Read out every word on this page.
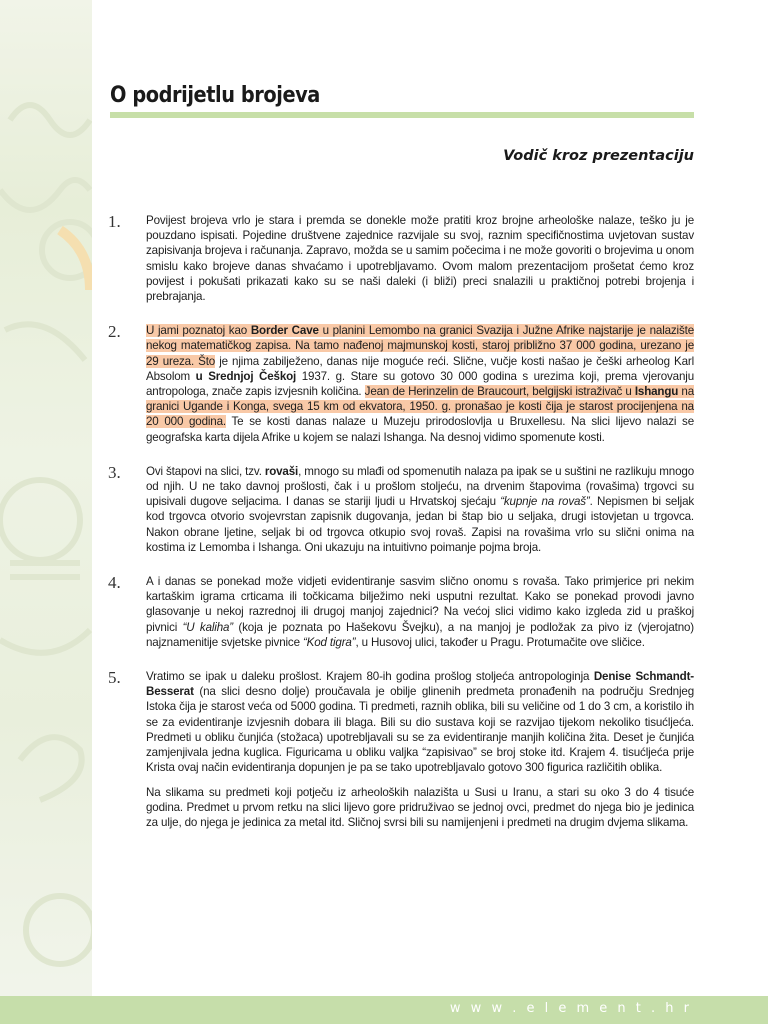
O podrijetlu brojeva
Vodič kroz prezentaciju
1. Povijest brojeva vrlo je stara i premda se donekle može pratiti kroz brojne arheološke nalaze, teško ju je pouzdano ispisati. Pojedine društvene zajednice razvijale su svoj, raznim specifičnostima uvjetovan sustav zapisivanja brojeva i računanja. Zapravo, možda se u samim počecima i ne može govoriti o brojevima u onom smislu kako brojeve danas shvaćamo i upotrebljavamo. Ovom malom prezentacijom prošetat ćemo kroz povijest i pokušati prikazati kako su se naši daleki (i bliži) preci snalazili u praktičnoj potrebi brojenja i prebrajanja.

2. U jami poznatoj kao Border Cave u planini Lemombo na granici Svazija i Južne Afrike najstarije je nalazište nekog matematičkog zapisa. Na tamo nađenoj majmunskoj kosti, staroj približno 37 000 godina, urezano je 29 ureza. Što je njima zabilježeno, danas nije moguće reći. Slične, vučje kosti našao je češki arheolog Karl Absolom u Srednjoj Češkoj 1937. g. Stare su gotovo 30 000 godina s urezima koji, prema vjerovanju antropologa, znače zapis izvjesnih količina. Jean de Herinzelin de Braucourt, belgijski istraživač u Ishangu na granici Ugande i Konga, svega 15 km od ekvatora, 1950. g. pronašao je kosti čija je starost procijenjena na 20 000 godina. Te se kosti danas nalaze u Muzeju prirodoslovlja u Bruxellesu. Na slici lijevo nalazi se geografska karta dijela Afrike u kojem se nalazi Ishanga. Na desnoj vidimo spomenute kosti.

3. Ovi štapovi na slici, tzv. rovaši, mnogo su mlađi od spomenutih nalaza pa ipak se u suštini ne razlikuju mnogo od njih. U ne tako davnoj prošlosti, čak i u prošlom stoljeću, na drvenim štapovima (rovašima) trgovci su upisivali dugove seljacima. I danas se stariji ljudi u Hrvatskoj sjećaju “kupnje na rovaš”. Nepismen bi seljak kod trgovca otvorio svojevrstan zapisnik dugovanja, jedan bi štap bio u seljaka, drugi istovjetan u trgovca. Nakon obrane ljetine, seljak bi od trgovca otkupio svoj rovaš. Zapisi na rovašima vrlo su slični onima na kostima iz Lemomba i Ishanga. Oni ukazuju na intuitivno poimanje pojma broja.

4. A i danas se ponekad može vidjeti evidentiranje sasvim slično onomu s rovaša. Tako primjerice pri nekim kartaškim igrama crticama ili točkicama bilježimo neki usputni rezultat. Kako se ponekad provodi javno glasovanje u nekoj razrednoj ili drugoj manjoj zajednici? Na većoj slici vidimo kako izgleda zid u praškoj pivnici “U kaliha” (koja je poznata po Hašekovu Švejku), a na manjoj je podložak za pivo iz (vjerojatno) najznamenitije svjetske pivnice “Kod tigra”, u Husovoj ulici, također u Pragu. Protumačite ove sličice.

5. Vratimo se ipak u daleku prošlost. Krajem 80-ih godina prošlog stoljeća antropologinja Denise Schmandt-Besserat (na slici desno dolje) proučavala je obilje glinenih predmeta pronađenih na području Srednjeg Istoka čija je starost veća od 5000 godina. Ti predmeti, raznih oblika, bili su veličine od 1 do 3 cm, a koristilo ih se za evidentiranje izvjesnih dobara ili blaga. Bili su dio sustava koji se razvijao tijekom nekoliko tisućljeća. Predmeti u obliku čunjića (stožaca) upotrebljavali su se za evidentiranje manjih količina žita. Deset je čunjića zamjenjivala jedna kuglica. Figuricama u obliku valjka “zapisivao” se broj stoke itd. Krajem 4. tisućljeća prije Krista ovaj način evidentiranja dopunjen je pa se tako upotrebljavalo gotovo 300 figurica različitih oblika.

Na slikama su predmeti koji potječu iz arheoloških nalazišta u Susi u Iranu, a stari su oko 3 do 4 tisuće godina. Predmet u prvom retku na slici lijevo gore pridruživao se jednoj ovci, predmet do njega bio je jedinica za ulje, do njega je jedinica za metal itd. Sličnoj svrsi bili su namijenjeni i predmeti na drugim dvjema slikama.

w w w . e l e m e n t . h r
